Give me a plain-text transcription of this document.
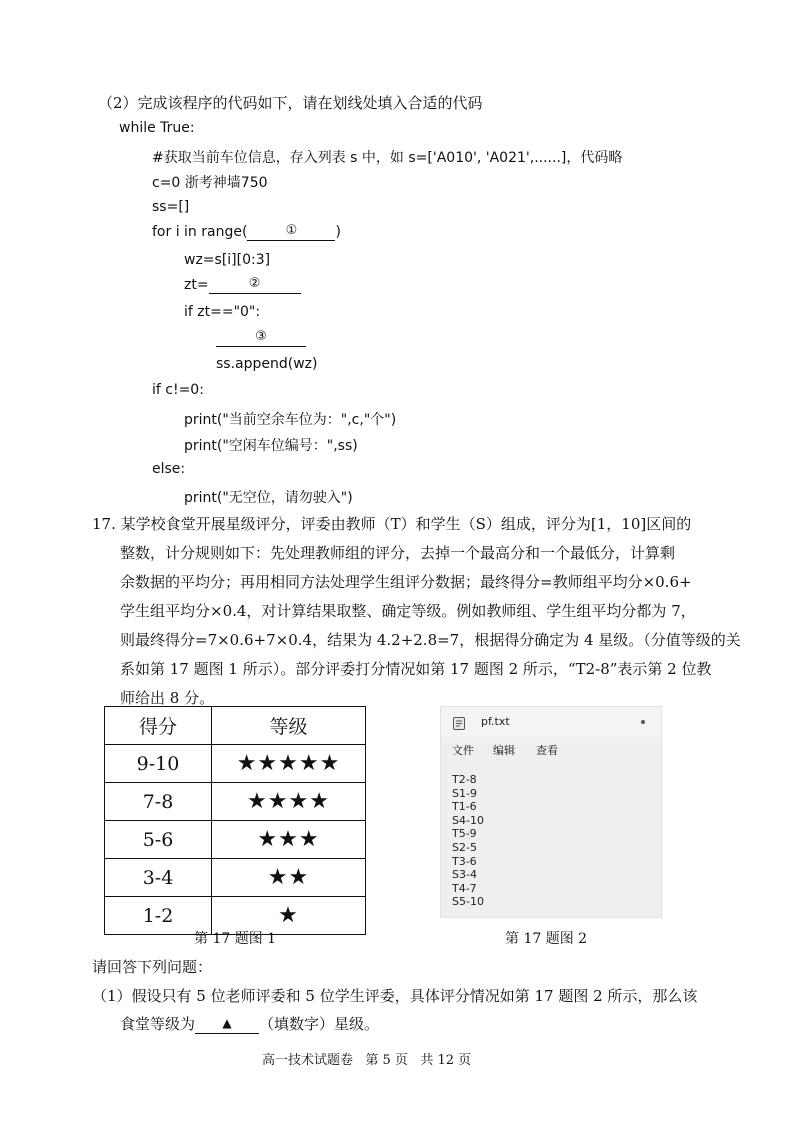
（2）完成该程序的代码如下，请在划线处填入合适的代码
while True:
#获取当前车位信息，存入列表 s 中，如 s=['A010', 'A021',......]，代码略
c=0 浙考神墙750
ss=[]
for i in range(	①	)
wz=s[i][0:3]
zt=	②
if zt=="0":
③
ss.append(wz)
if c!=0:
print("当前空余车位为：",c,"个")
print("空闲车位编号：",ss)
else:
print("无空位，请勿驶入")
17. 某学校食堂开展星级评分，评委由教师（T）和学生（S）组成，评分为[1，10]区间的
整数，计分规则如下：先处理教师组的评分，去掉一个最高分和一个最低分，计算剩
余数据的平均分；再用相同方法处理学生组评分数据；最终得分=教师组平均分×0.6+
学生组平均分×0.4，对计算结果取整、确定等级。例如教师组、学生组平均分都为 7，
则最终得分=7×0.6+7×0.4，结果为 4.2+2.8=7，根据得分确定为 4 星级。（分值等级的关
系如第 17 题图 1 所示）。部分评委打分情况如第 17 题图 2 所示，“T2-8”表示第 2 位教
师给出 8 分。
得分	等级
9-10	★★★★★
7-8	★★★★
5-6	★★★
3-4	★★
1-2	★
pf.txt
文件 编辑 查看
T2-8
S1-9
T1-6
S4-10
T5-9
S2-5
T3-6
S3-4
T4-7
S5-10
第 17 题图 1	第 17 题图 2
请回答下列问题：
（1）假设只有 5 位老师评委和 5 位学生评委，具体评分情况如第 17 题图 2 所示，那么该
食堂等级为 ▲ （填数字）星级。
高一技术试题卷   第 5 页   共 12 页
